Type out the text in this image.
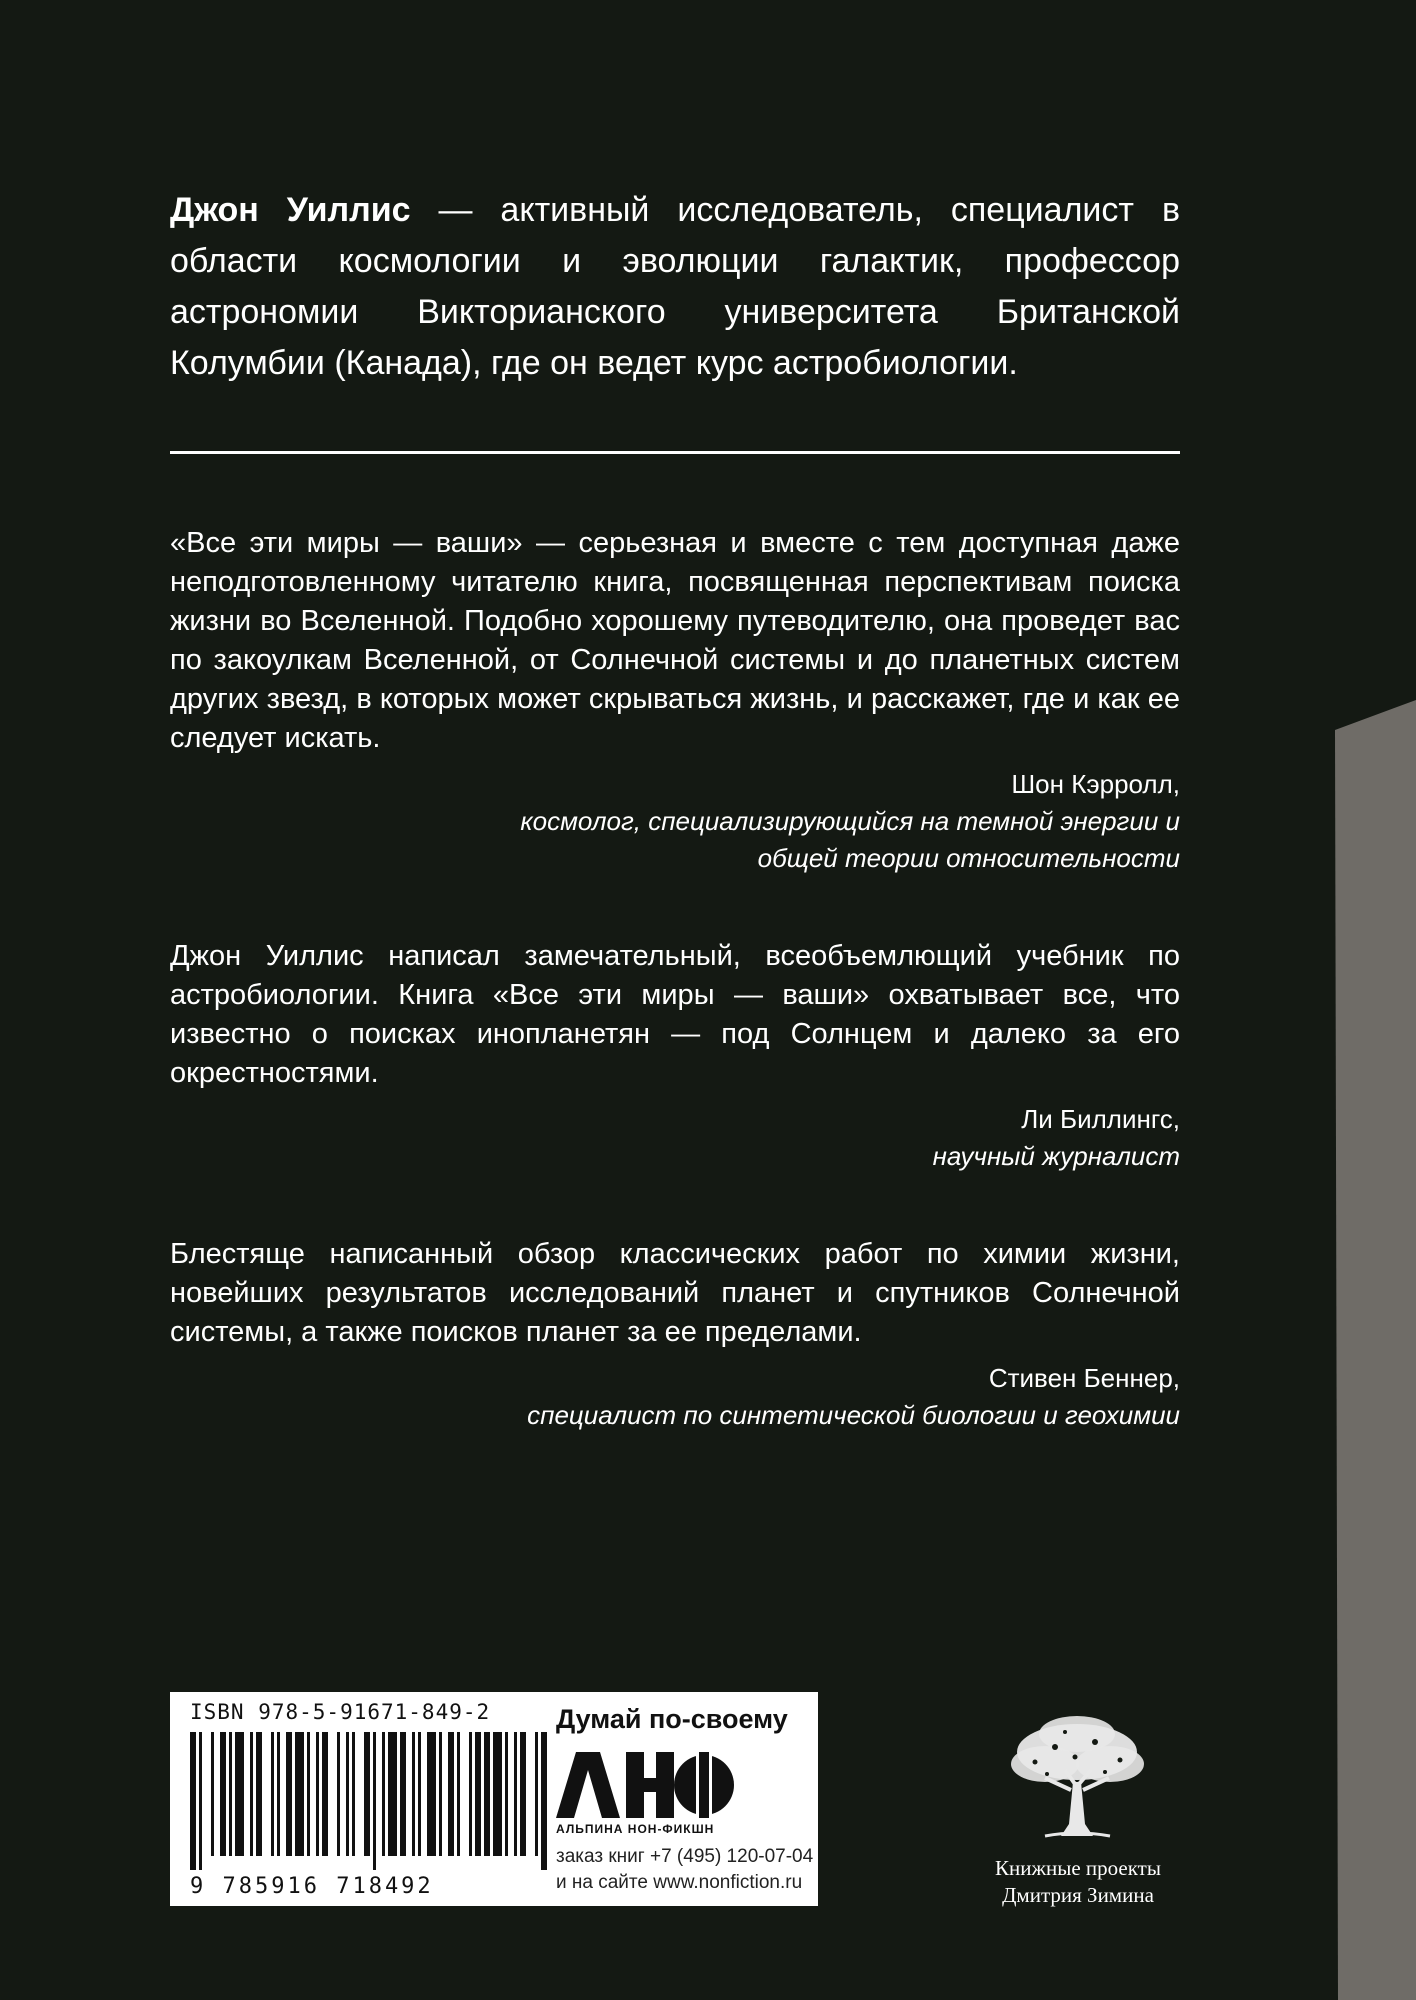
Джон Уиллис — активный исследователь, специалист в области космологии и эволюции галактик, профессор астрономии Викторианского университета Британской Колумбии (Канада), где он ведет курс астробиологии.

«Все эти миры — ваши» — серьезная и вместе с тем доступная даже неподготовленному читателю книга, посвященная перспективам поиска жизни во Вселенной. Подобно хорошему путеводителю, она проведет вас по закоулкам Вселенной, от Солнечной системы и до планетных систем других звезд, в которых может скрываться жизнь, и расскажет, где и как ее следует искать.

Шон Кэрролл,
космолог, специализирующийся на темной энергии и общей теории относительности

Джон Уиллис написал замечательный, всеобъемлющий учебник по астробиологии. Книга «Все эти миры — ваши» охватывает все, что известно о поисках инопланетян — под Солнцем и далеко за его окрестностями.

Ли Биллингс,
научный журналист

Блестяще написанный обзор классических работ по химии жизни, новейших результатов исследований планет и спутников Солнечной системы, а также поисков планет за ее пределами.

Стивен Беннер,
специалист по синтетической биологии и геохимии
ISBN 978-5-91671-849-2
9 785916 718492
Думай по-своему
АЛЬПИНА НОН-ФИКШН
заказ книг +7 (495) 120-07-04
и на сайте www.nonfiction.ru
Книжные проекты
Дмитрия Зимина
